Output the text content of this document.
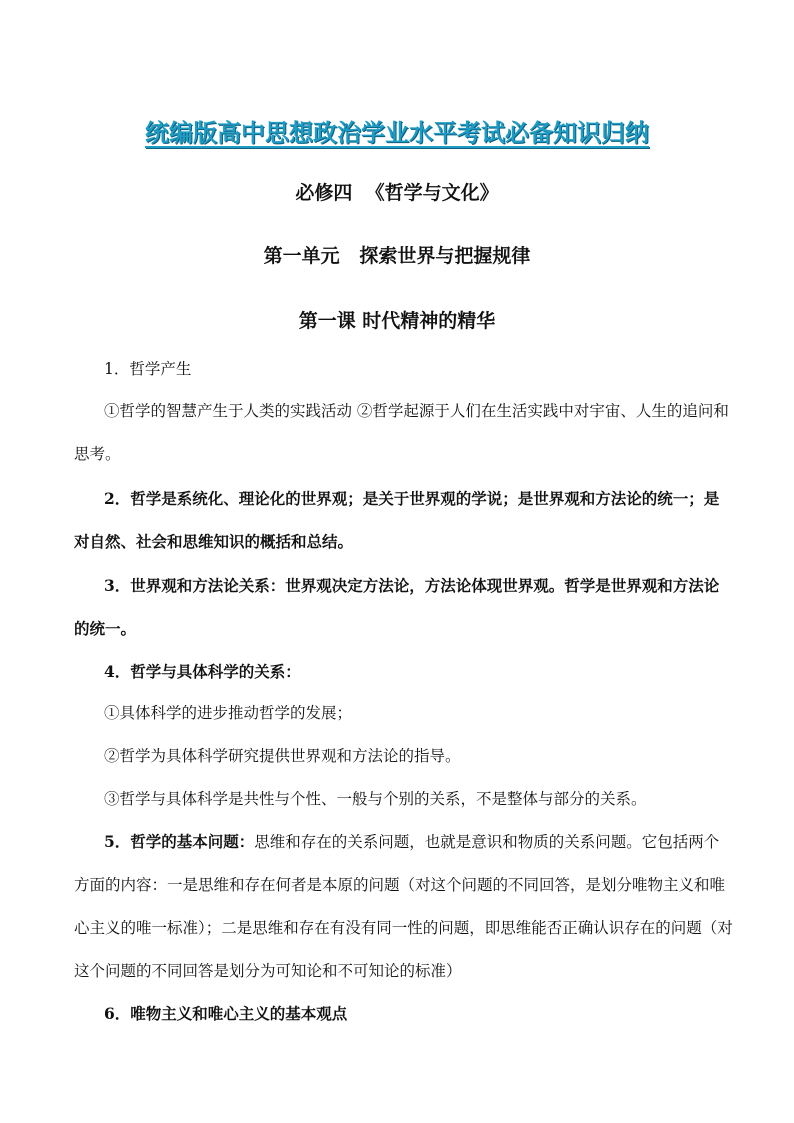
统编版高中思想政治学业水平考试必备知识归纳
必修四  《哲学与文化》
第一单元   探索世界与把握规律
第一课 时代精神的精华

1．哲学产生

①哲学的智慧产生于人类的实践活动 ②哲学起源于人们在生活实践中对宇宙、人生的追问和思考。

2．哲学是系统化、理论化的世界观；是关于世界观的学说；是世界观和方法论的统一；是对自然、社会和思维知识的概括和总结。

3．世界观和方法论关系：世界观决定方法论，方法论体现世界观。哲学是世界观和方法论的统一。

4．哲学与具体科学的关系：

①具体科学的进步推动哲学的发展；

②哲学为具体科学研究提供世界观和方法论的指导。

③哲学与具体科学是共性与个性、一般与个别的关系，不是整体与部分的关系。

5．哲学的基本问题：思维和存在的关系问题，也就是意识和物质的关系问题。它包括两个方面的内容：一是思维和存在何者是本原的问题（对这个问题的不同回答，是划分唯物主义和唯心主义的唯一标准）；二是思维和存在有没有同一性的问题，即思维能否正确认识存在的问题（对这个问题的不同回答是划分为可知论和不可知论的标准）

6．唯物主义和唯心主义的基本观点
